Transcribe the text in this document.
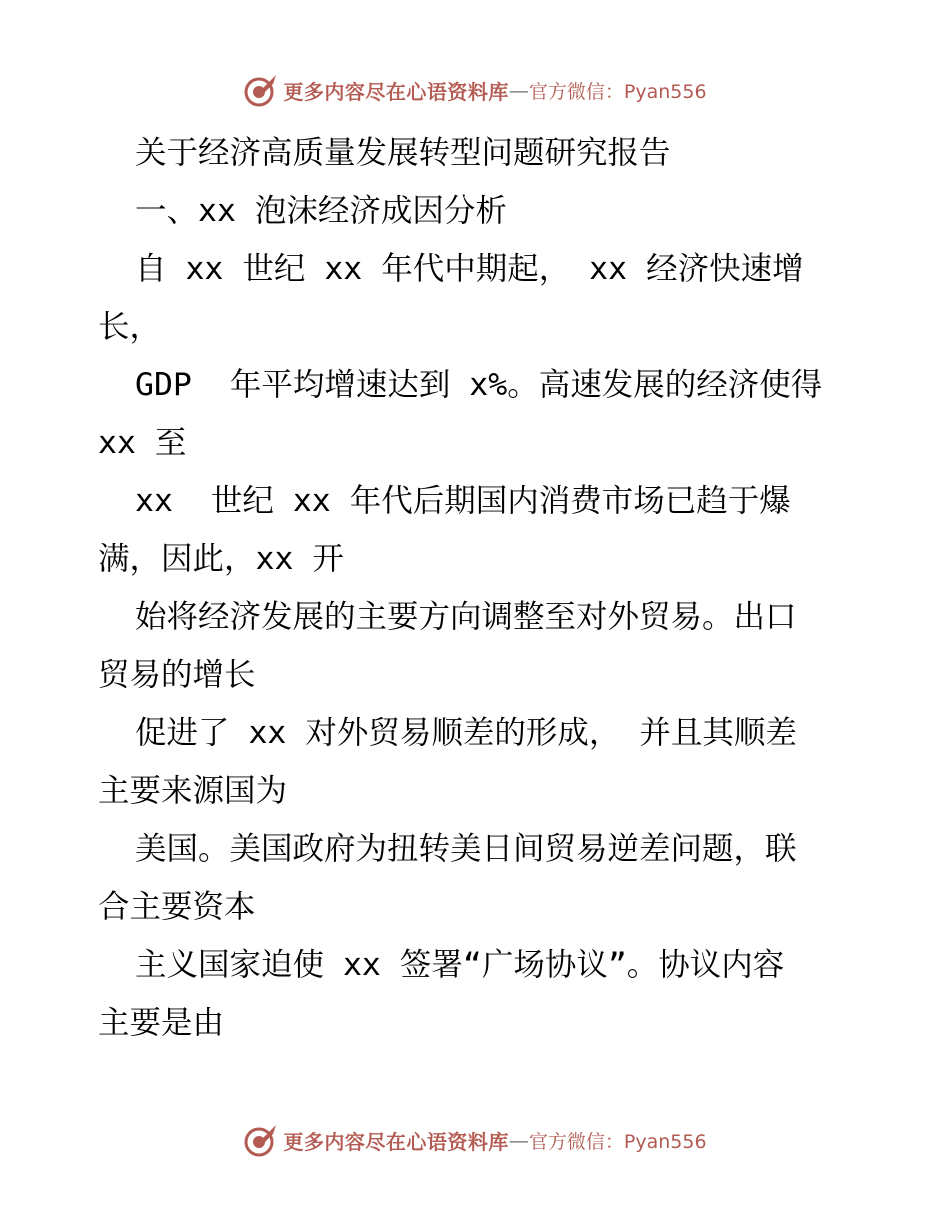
更多内容尽在心语资料库 — 官方微信：Pyan556

关于经济高质量发展转型问题研究报告

一、xx 泡沫经济成因分析

自 xx 世纪 xx 年代中期起， xx 经济快速增

长，

GDP  年平均增速达到 x%。高速发展的经济使得

xx 至

xx  世纪 xx 年代后期国内消费市场已趋于爆

满，因此，xx 开

始将经济发展的主要方向调整至对外贸易。出口

贸易的增长

促进了 xx 对外贸易顺差的形成， 并且其顺差

主要来源国为

美国。美国政府为扭转美日间贸易逆差问题，联

合主要资本

主义国家迫使 xx 签署“广场协议”。协议内容

主要是由

更多内容尽在心语资料库 — 官方微信：Pyan556
